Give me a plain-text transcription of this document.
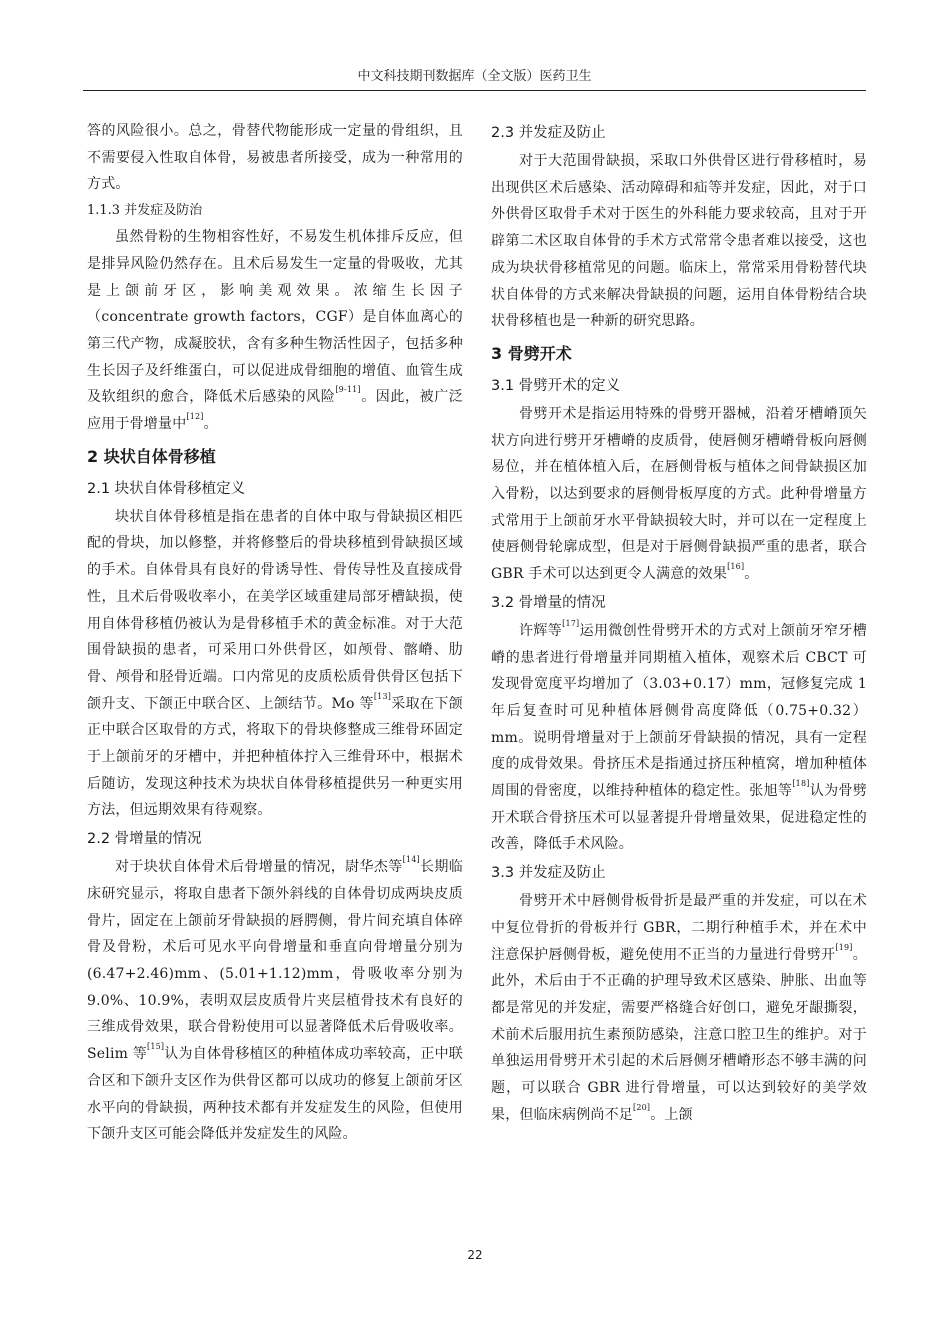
中文科技期刊数据库（全文版）医药卫生

答的风险很小。总之，骨替代物能形成一定量的骨组织，且不需要侵入性取自体骨，易被患者所接受，成为一种常用的方式。

1.1.3 并发症及防治

虽然骨粉的生物相容性好，不易发生机体排斥反应，但是排异风险仍然存在。且术后易发生一定量的骨吸收，尤其是上颌前牙区，影响美观效果。浓缩生长因子（concentrate growth factors，CGF）是自体血离心的第三代产物，成凝胶状，含有多种生物活性因子，包括多种生长因子及纤维蛋白，可以促进成骨细胞的增值、血管生成及软组织的愈合，降低术后感染的风险[9-11]。因此，被广泛应用于骨增量中[12]。

2 块状自体骨移植

2.1 块状自体骨移植定义

块状自体骨移植是指在患者的自体中取与骨缺损区相匹配的骨块，加以修整，并将修整后的骨块移植到骨缺损区域的手术。自体骨具有良好的骨诱导性、骨传导性及直接成骨性，且术后骨吸收率小，在美学区域重建局部牙槽缺损，使用自体骨移植仍被认为是骨移植手术的黄金标准。对于大范围骨缺损的患者，可采用口外供骨区，如颅骨、髂嵴、肋骨、颅骨和胫骨近端。口内常见的皮质松质骨供骨区包括下颌升支、下颌正中联合区、上颌结节。Mo 等[13]采取在下颌正中联合区取骨的方式，将取下的骨块修整成三维骨环固定于上颌前牙的牙槽中，并把种植体拧入三维骨环中，根据术后随访，发现这种技术为块状自体骨移植提供另一种更实用方法，但远期效果有待观察。

2.2 骨增量的情况

对于块状自体骨术后骨增量的情况，尉华杰等[14]长期临床研究显示，将取自患者下颌外斜线的自体骨切成两块皮质骨片，固定在上颌前牙骨缺损的唇腭侧，骨片间充填自体碎骨及骨粉，术后可见水平向骨增量和垂直向骨增量分别为(6.47+2.46)mm、(5.01+1.12)mm，骨吸收率分别为 9.0%、10.9%，表明双层皮质骨片夹层植骨技术有良好的三维成骨效果，联合骨粉使用可以显著降低术后骨吸收率。Selim 等[15]认为自体骨移植区的种植体成功率较高，正中联合区和下颌升支区作为供骨区都可以成功的修复上颌前牙区水平向的骨缺损，两种技术都有并发症发生的风险，但使用下颌升支区可能会降低并发症发生的风险。

2.3 并发症及防止

对于大范围骨缺损，采取口外供骨区进行骨移植时，易出现供区术后感染、活动障碍和疝等并发症，因此，对于口外供骨区取骨手术对于医生的外科能力要求较高，且对于开辟第二术区取自体骨的手术方式常常令患者难以接受，这也成为块状骨移植常见的问题。临床上，常常采用骨粉替代块状自体骨的方式来解决骨缺损的问题，运用自体骨粉结合块状骨移植也是一种新的研究思路。

3 骨劈开术

3.1 骨劈开术的定义

骨劈开术是指运用特殊的骨劈开器械，沿着牙槽嵴顶矢状方向进行劈开牙槽嵴的皮质骨，使唇侧牙槽嵴骨板向唇侧易位，并在植体植入后，在唇侧骨板与植体之间骨缺损区加入骨粉，以达到要求的唇侧骨板厚度的方式。此种骨增量方式常用于上颌前牙水平骨缺损较大时，并可以在一定程度上使唇侧骨轮廓成型，但是对于唇侧骨缺损严重的患者，联合 GBR 手术可以达到更令人满意的效果[16]。

3.2 骨增量的情况

许辉等[17]运用微创性骨劈开术的方式对上颌前牙窄牙槽嵴的患者进行骨增量并同期植入植体，观察术后 CBCT 可发现骨宽度平均增加了（3.03+0.17）mm，冠修复完成 1 年后复查时可见种植体唇侧骨高度降低（0.75+0.32）mm。说明骨增量对于上颌前牙骨缺损的情况，具有一定程度的成骨效果。骨挤压术是指通过挤压种植窝，增加种植体周围的骨密度，以维持种植体的稳定性。张旭等[18]认为骨劈开术联合骨挤压术可以显著提升骨增量效果，促进稳定性的改善，降低手术风险。

3.3 并发症及防止

骨劈开术中唇侧骨板骨折是最严重的并发症，可以在术中复位骨折的骨板并行 GBR，二期行种植手术，并在术中注意保护唇侧骨板，避免使用不正当的力量进行骨劈开[19]。此外，术后由于不正确的护理导致术区感染、肿胀、出血等都是常见的并发症，需要严格缝合好创口，避免牙龈撕裂，术前术后服用抗生素预防感染，注意口腔卫生的维护。对于单独运用骨劈开术引起的术后唇侧牙槽嵴形态不够丰满的问题，可以联合 GBR 进行骨增量，可以达到较好的美学效果，但临床病例尚不足[20]。上颌

22
